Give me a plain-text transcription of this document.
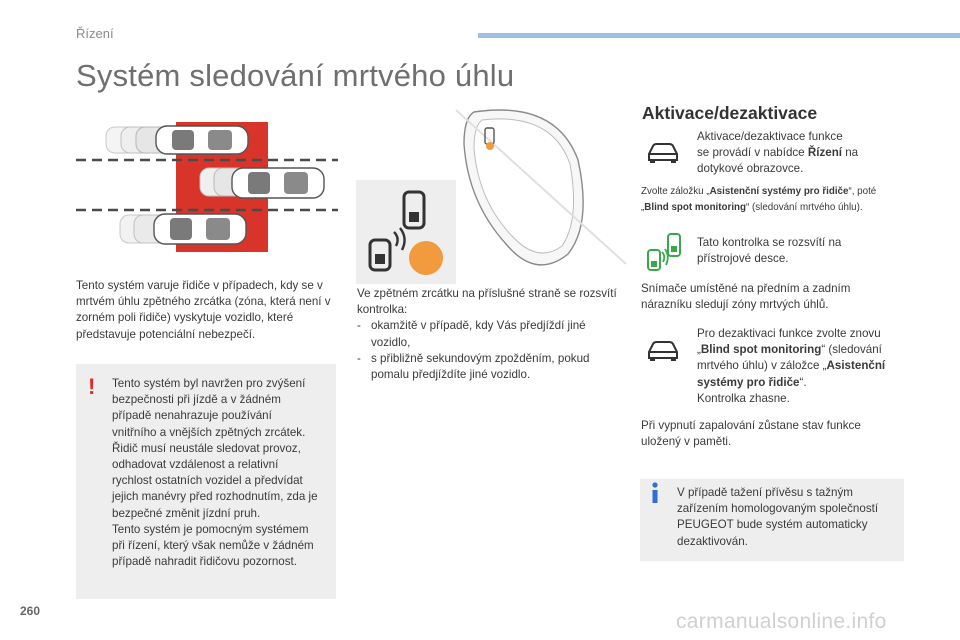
Řízení
Systém sledování mrtvého úhlu
Tento systém varuje řidiče v případech, kdy se v mrtvém úhlu zpětného zrcátka (zóna, která není v zorném poli řidiče) vyskytuje vozidlo, které představuje potenciální nebezpečí.
! Tento systém byl navržen pro zvýšení
bezpečnosti při jízdě a v žádném
případě nenahrazuje používání
vnitřního a vnějších zpětných zrcátek.
Řidič musí neustále sledovat provoz,
odhadovat vzdálenost a relativní
rychlost ostatních vozidel a předvídat
jejich manévry před rozhodnutím, zda je
bezpečné změnit jízdní pruh.
Tento systém je pomocným systémem
při řízení, který však nemůže v žádném
případě nahradit řidičovu pozornost.
Ve zpětném zrcátku na příslušné straně se rozsvítí kontrolka:
- okamžitě v případě, kdy Vás předjíždí jiné vozidlo,
- s přibližně sekundovým zpožděním, pokud pomalu předjíždíte jiné vozidlo.
Aktivace/dezaktivace
Aktivace/dezaktivace funkce
se provádí v nabídce Řízení na
dotykové obrazovce.
Zvolte záložku „Asistenční systémy pro řidiče“, poté
„Blind spot monitoring“ (sledování mrtvého úhlu).
Tato kontrolka se rozsvítí na
přístrojové desce.
Snímače umístěné na předním a zadním
nárazníku sledují zóny mrtvých úhlů.
Pro dezaktivaci funkce zvolte znovu
„Blind spot monitoring“ (sledování
mrtvého úhlu) v záložce „Asistenční
systémy pro řidiče“.
Kontrolka zhasne.
Při vypnutí zapalování zůstane stav funkce
uložený v paměti.
V případě tažení přívěsu s tažným
zařízením homologovaným společností
PEUGEOT bude systém automaticky
dezaktivován.
260	carmanualsonline.info
